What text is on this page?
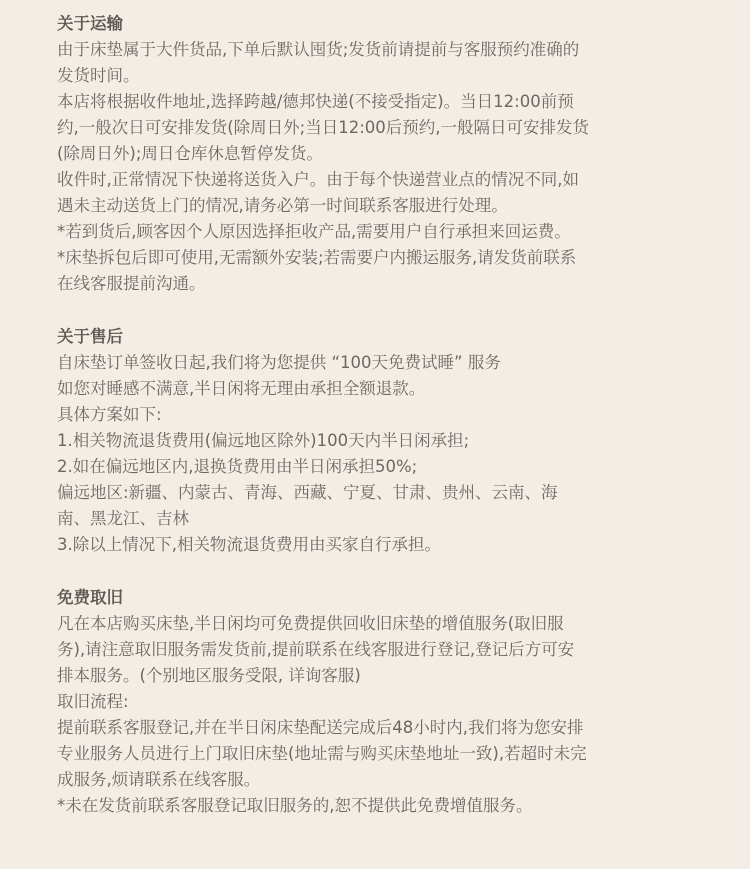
关于运输
由于床垫属于大件货品,下单后默认囤货;发货前请提前与客服预约准确的
发货时间。
本店将根据收件地址,选择跨越/德邦快递(不接受指定)。当日12:00前预
约,一般次日可安排发货(除周日外;当日12:00后预约,一般隔日可安排发货
(除周日外);周日仓库休息暂停发货。
收件时,正常情况下快递将送货入户。由于每个快递营业点的情况不同,如
遇未主动送货上门的情况,请务必第一时间联系客服进行处理。
*若到货后,顾客因个人原因选择拒收产品,需要用户自行承担来回运费。
*床垫拆包后即可使用,无需额外安装;若需要户内搬运服务,请发货前联系
在线客服提前沟通。
关于售后
自床垫订单签收日起,我们将为您提供 “100天免费试睡” 服务
如您对睡感不满意,半日闲将无理由承担全额退款。
具体方案如下:
1.相关物流退货费用(偏远地区除外)100天内半日闲承担;
2.如在偏远地区内,退换货费用由半日闲承担50%;
偏远地区:新疆、内蒙古、青海、西藏、宁夏、甘肃、贵州、云南、海
南、黑龙江、吉林
3.除以上情况下,相关物流退货费用由买家自行承担。
免费取旧
凡在本店购买床垫,半日闲均可免费提供回收旧床垫的增值服务(取旧服
务),请注意取旧服务需发货前,提前联系在线客服进行登记,登记后方可安
排本服务。(个别地区服务受限, 详询客服)
取旧流程:
提前联系客服登记,并在半日闲床垫配送完成后48小时内,我们将为您安排
专业服务人员进行上门取旧床垫(地址需与购买床垫地址一致),若超时未完
成服务,烦请联系在线客服。
*未在发货前联系客服登记取旧服务的,恕不提供此免费增值服务。
